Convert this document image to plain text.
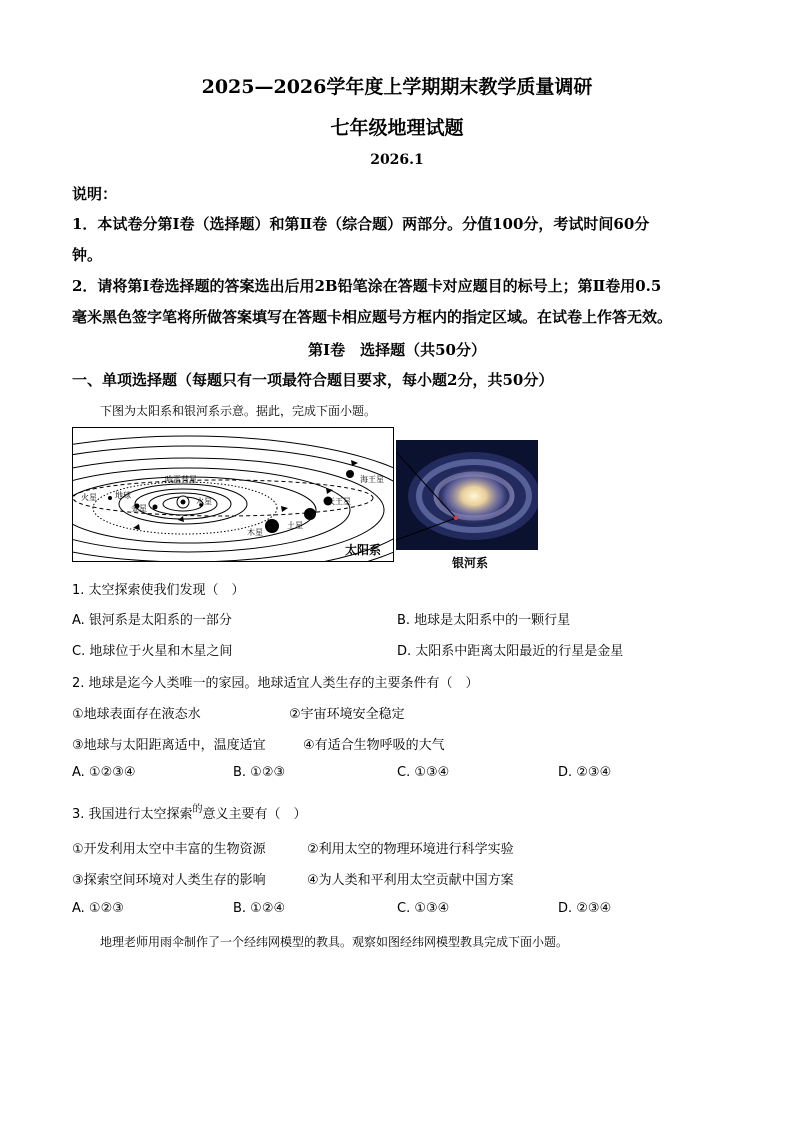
2025—2026学年度上学期期末教学质量调研
七年级地理试题
2026.1
说明：
1．本试卷分第Ⅰ卷（选择题）和第Ⅱ卷（综合题）两部分。分值100分，考试时间60分
钟。
2．请将第Ⅰ卷选择题的答案选出后用2B铅笔涂在答题卡对应题目的标号上；第Ⅱ卷用0.5
毫米黑色签字笔将所做答案填写在答题卡相应题号方框内的指定区域。在试卷上作答无效。
第Ⅰ卷　选择题（共50分）
一、单项选择题（每题只有一项最符合题目要求，每小题2分，共50分）
下图为太阳系和银河系示意。据此，完成下面小题。
海王星
天王星
土星
木星
火星 地球
金星
水星
哈雷彗星
太阳系
银河系
1. 太空探索使我们发现（　）
A. 银河系是太阳系的一部分	B. 地球是太阳系中的一颗行星
C. 地球位于火星和木星之间	D. 太阳系中距离太阳最近的行星是金星
2. 地球是迄今人类唯一的家园。地球适宜人类生存的主要条件有（　）
①地球表面存在液态水	②宇宙环境安全稳定
③地球与太阳距离适中，温度适宜	④有适合生物呼吸的大气
A. ①②③④	B. ①②③	C. ①③④	D. ②③④
3. 我国进行太空探索$^的$意义主要有（　）
①开发利用太空中丰富的生物资源	②利用太空的物理环境进行科学实验
③探索空间环境对人类生存的影响	④为人类和平利用太空贡献中国方案
A. ①②③	B. ①②④	C. ①③④	D. ②③④
地理老师用雨伞制作了一个经纬网模型的教具。观察如图经纬网模型教具完成下面小题。
